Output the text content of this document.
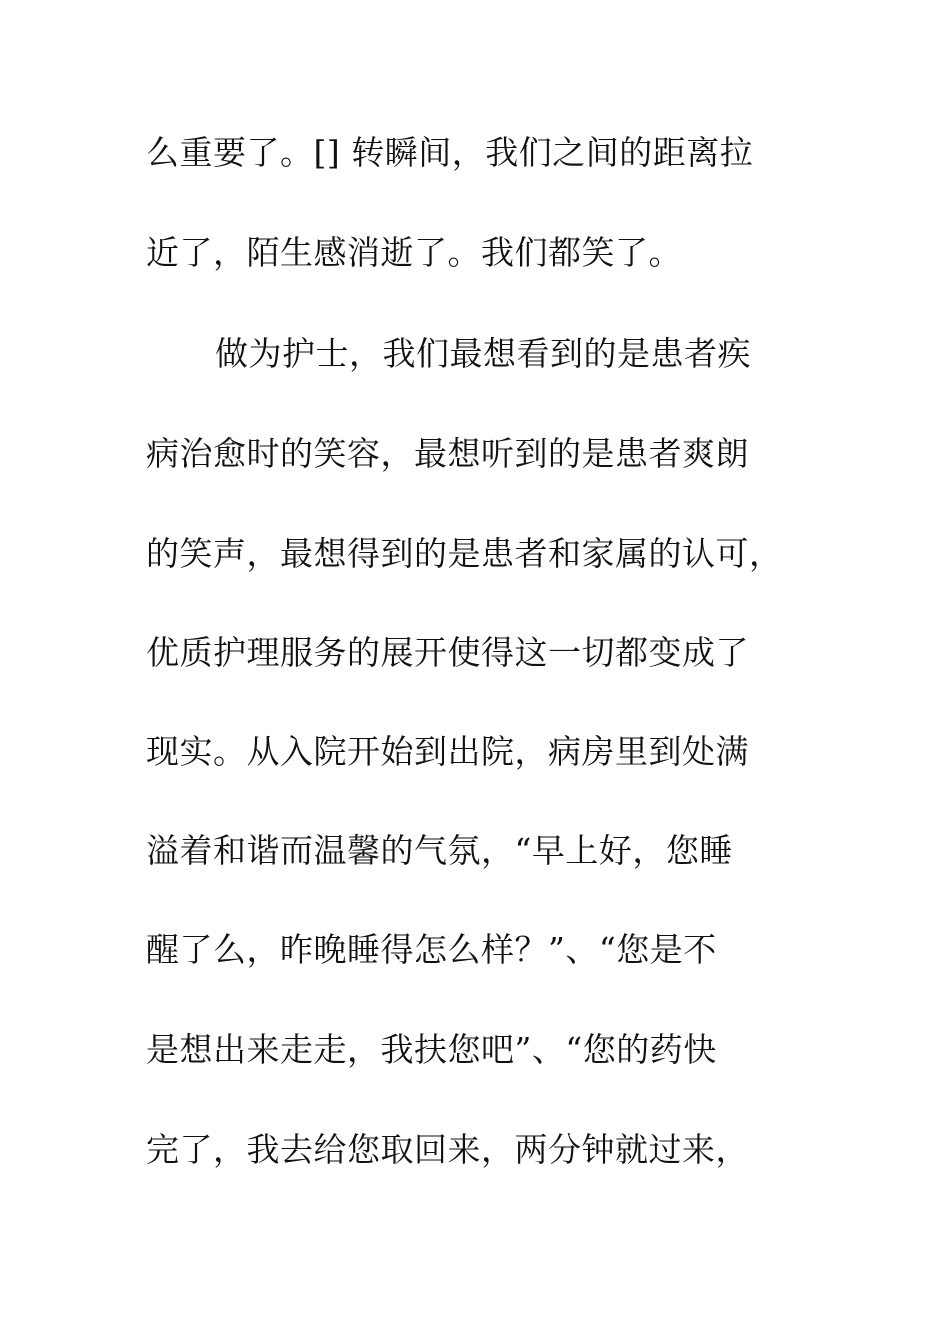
么重要了。[] 转瞬间，我们之间的距离拉
近了，陌生感消逝了。我们都笑了。
做为护士，我们最想看到的是患者疾
病治愈时的笑容，最想听到的是患者爽朗
的笑声，最想得到的是患者和家属的认可，
优质护理服务的展开使得这一切都变成了
现实。从入院开始到出院，病房里到处满
溢着和谐而温馨的气氛，“早上好，您睡
醒了么，昨晚睡得怎么样？”、“您是不
是想出来走走，我扶您吧”、“您的药快
完了，我去给您取回来，两分钟就过来，
